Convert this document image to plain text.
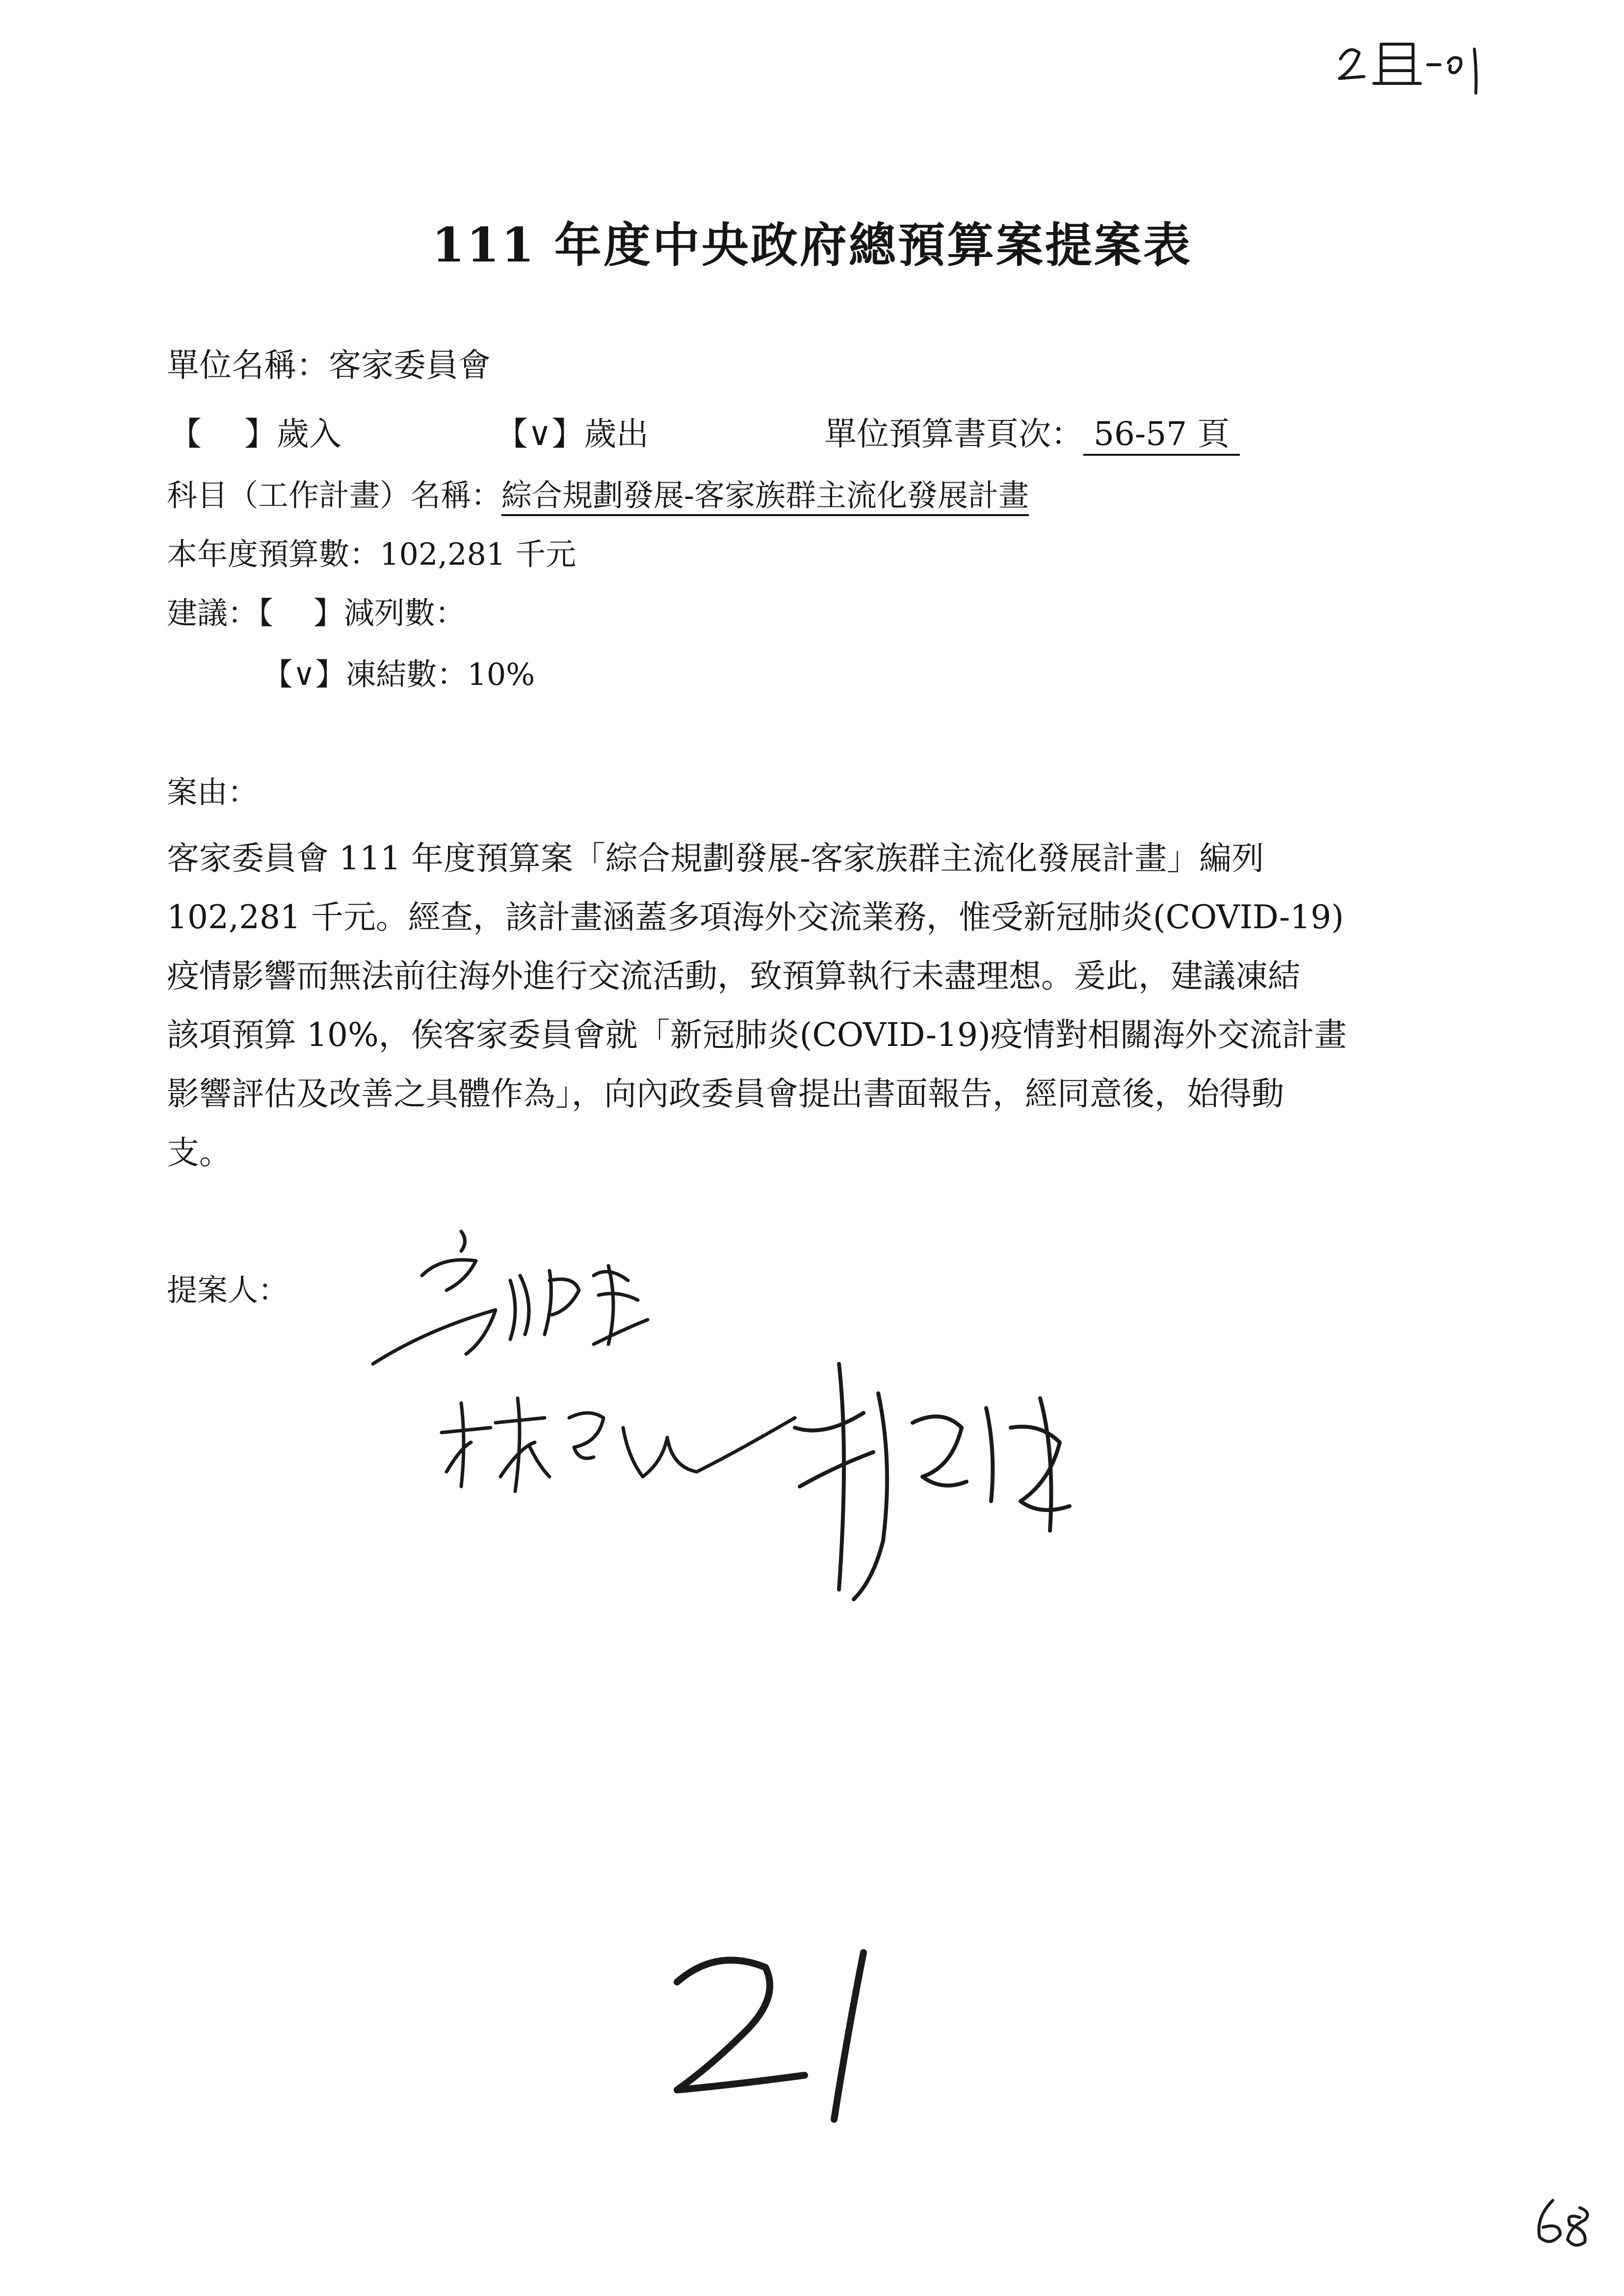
111 年度中央政府總預算案提案表
單位名稱：客家委員會
【　 】歲入	【∨】歲出	單位預算書頁次： 56-57 頁
科目（工作計畫）名稱：綜合規劃發展-客家族群主流化發展計畫
本年度預算數：102,281 千元
建議：【　 】減列數：
【∨】凍結數：10%
案由：
客家委員會 111 年度預算案「綜合規劃發展-客家族群主流化發展計畫」編列
102,281 千元。經查，該計畫涵蓋多項海外交流業務，惟受新冠肺炎(COVID-19)
疫情影響而無法前往海外進行交流活動，致預算執行未盡理想。爰此，建議凍結
該項預算 10%，俟客家委員會就「新冠肺炎(COVID-19)疫情對相關海外交流計畫
影響評估及改善之具體作為」，向內政委員會提出書面報告，經同意後，始得動
支。
提案人：
